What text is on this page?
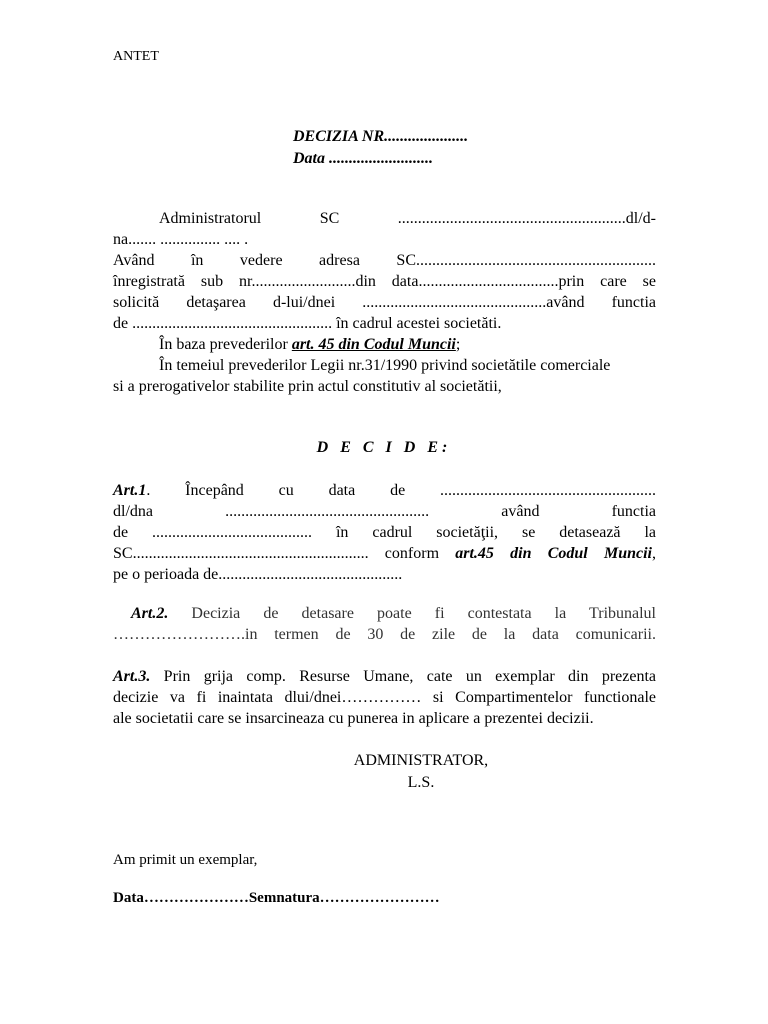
ANTET
DECIZIA NR.....................
Data ..........................
Administratorul	SC	.........................................................dl/d-
na....... ............... .... .
Având în vedere adresa SC............................................................
înregistrată sub nr..........................din data...................................prin care se
solicită detaşarea d-lui/dnei ..............................................având functia
de .................................................. în cadrul acestei societăti.
În baza prevederilor art. 45 din Codul Muncii;
În temeiul prevederilor Legii nr.31/1990 privind societătile comerciale
si a prerogativelor stabilite prin actul constitutiv al societătii,
D E C I D E:
Art.1. Începând cu data de ......................................................
dl/dna ................................................... având functia
de ........................................ în cadrul societăţii, se detasează la
SC........................................................... conform art.45 din Codul Muncii,
pe o perioada de..............................................
Art.2. Decizia de detasare poate fi contestata la Tribunalul
…………………….in termen de 30 de zile de la data comunicarii.
Art.3. Prin grija comp. Resurse Umane, cate un exemplar din prezenta
decizie va fi inaintata dlui/dnei…………… si Compartimentelor functionale
ale societatii care se insarcineaza cu punerea in aplicare a prezentei decizii.
ADMINISTRATOR,
L.S.
Am primit un exemplar,
Data…………………Semnatura……………………
